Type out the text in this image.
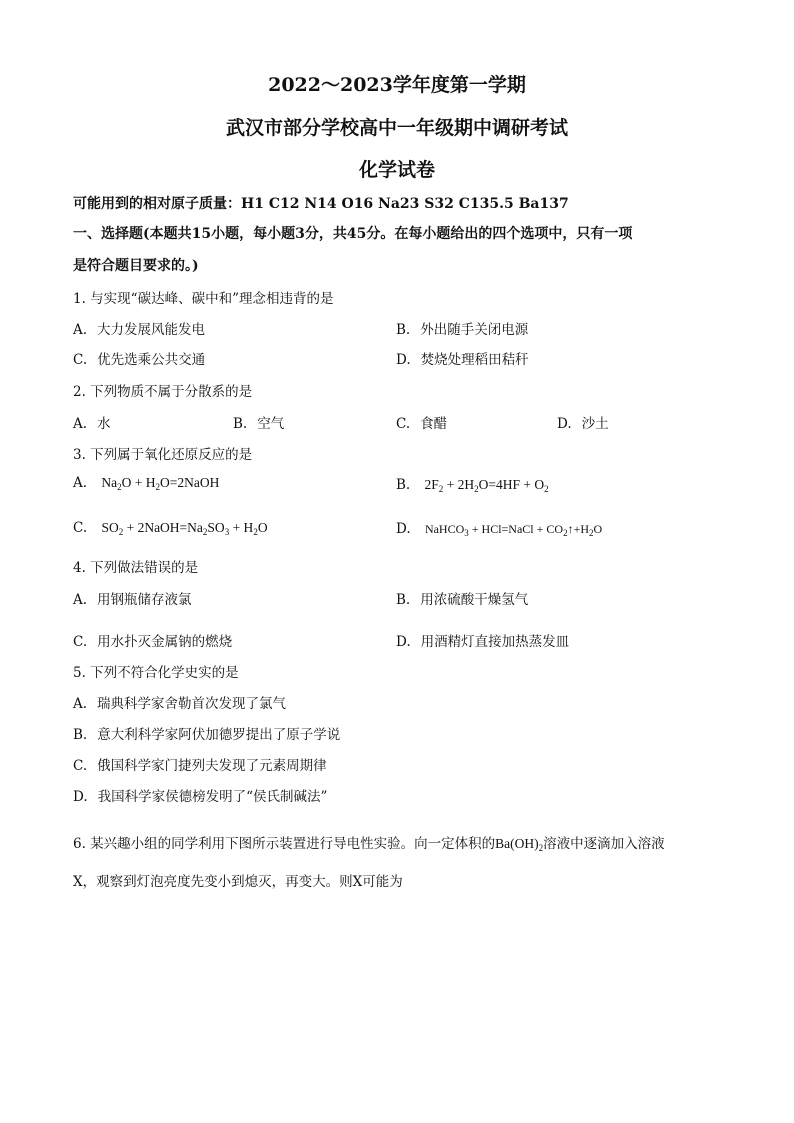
2022～2023学年度第一学期
武汉市部分学校高中一年级期中调研考试
化学试卷
可能用到的相对原子质量：H1 C12 N14 O16 Na23 S32 C135.5 Ba137
一、选择题(本题共15小题，每小题3分，共45分。在每小题给出的四个选项中，只有一项
是符合题目要求的。)
1. 与实现“碳达峰、碳中和”理念相违背的是
A. 大力发展风能发电	B. 外出随手关闭电源
C. 优先选乘公共交通	D. 焚烧处理稻田秸秆
2. 下列物质不属于分散系的是
A. 水	B. 空气	C. 食醋	D. 沙土
3. 下列属于氧化还原反应的是
A. $Na_2O$ + $H_2O=2NaOH$	B. $2F_2 + 2H_2O=4HF + O_2$
C. $SO_2$ + $2NaOH=Na_2SO_3 + H_2O$	D. NaHCO$_3$ + HCl=NaCl + $CO_2↑+H_2O$
4. 下列做法错误的是
A. 用钢瓶储存液氯	B. 用浓硫酸干燥氢气
C. 用水扑灭金属钠的燃烧	D. 用酒精灯直接加热蒸发皿
5. 下列不符合化学史实的是
A. 瑞典科学家舍勒首次发现了氯气
B. 意大利科学家阿伏加德罗提出了原子学说
C. 俄国科学家门捷列夫发现了元素周期律
D. 我国科学家侯德榜发明了“侯氏制碱法”
6. 某兴趣小组的同学利用下图所示装置进行导电性实验。向一定体积的$Ba(OH)_2$溶液中逐滴加入溶液
X，观察到灯泡亮度先变小到熄灭，再变大。则X可能为
